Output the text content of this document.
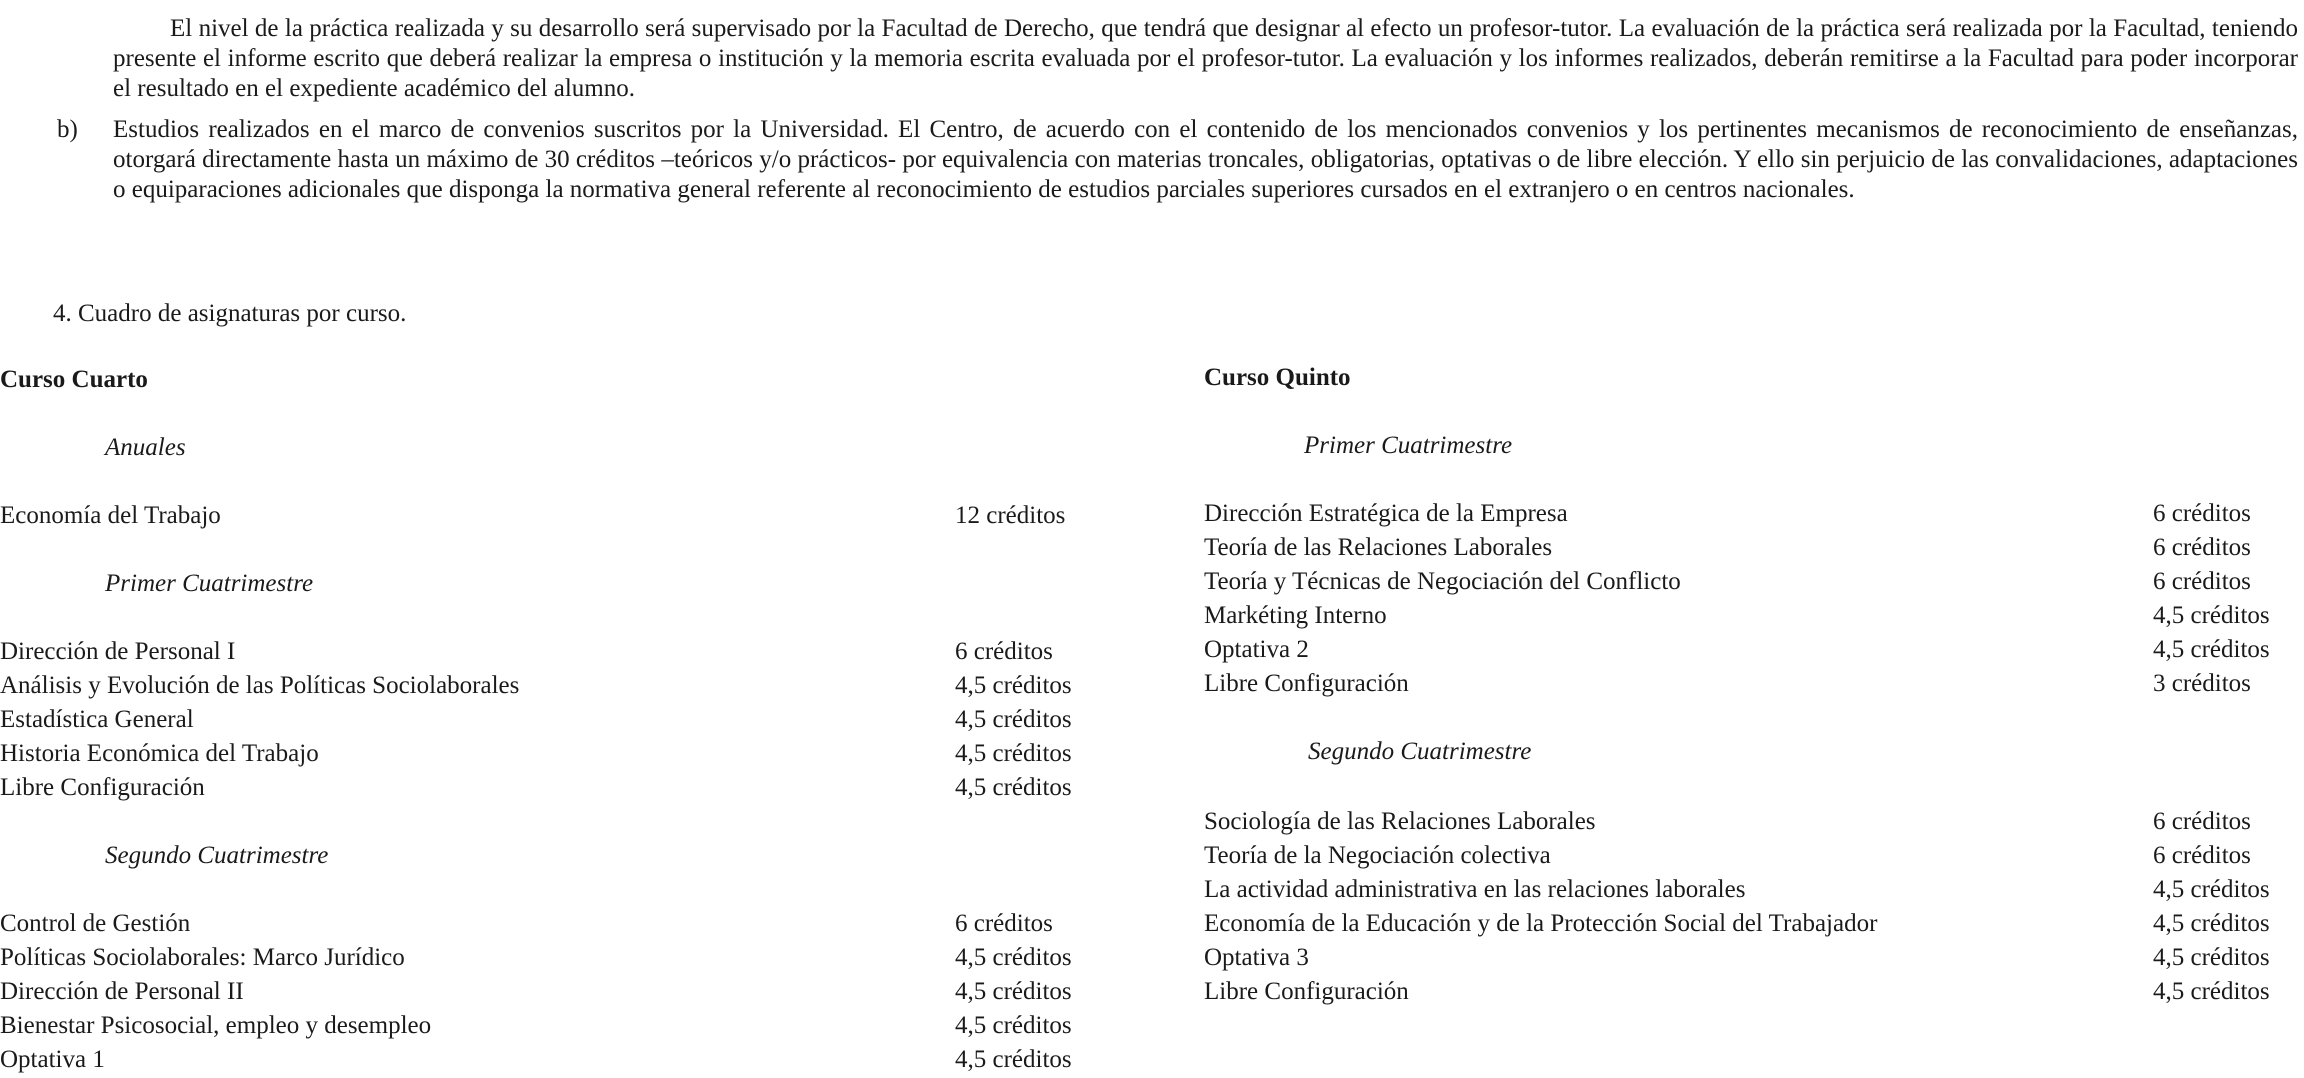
El nivel de la práctica realizada y su desarrollo será supervisado por la Facultad de Derecho, que tendrá que designar al efecto un profesor-tutor. La evaluación de la práctica será realizada por la Facultad, teniendo presente el informe escrito que deberá realizar la empresa o institución y la memoria escrita evaluada por el profesor-tutor. La evaluación y los informes realizados, deberán remitirse a la Facultad para poder incorporar el resultado en el expediente académico del alumno.

b) Estudios realizados en el marco de convenios suscritos por la Universidad. El Centro, de acuerdo con el contenido de los mencionados convenios y los pertinentes mecanismos de reconocimiento de enseñanzas, otorgará directamente hasta un máximo de 30 créditos –teóricos y/o prácticos- por equivalencia con materias troncales, obligatorias, optativas o de libre elección. Y ello sin perjuicio de las convalidaciones, adaptaciones o equiparaciones adicionales que disponga la normativa general referente al reconocimiento de estudios parciales superiores cursados en el extranjero o en centros nacionales.

4. Cuadro de asignaturas por curso.
Curso Cuarto
Anuales
Economía del Trabajo	12 créditos
Primer Cuatrimestre
Dirección de Personal I	6 créditos
Análisis y Evolución de las Políticas Sociolaborales	4,5 créditos
Estadística General	4,5 créditos
Historia Económica del Trabajo	4,5 créditos
Libre Configuración	4,5 créditos
Segundo Cuatrimestre
Control de Gestión	6 créditos
Políticas Sociolaborales: Marco Jurídico	4,5 créditos
Dirección de Personal II	4,5 créditos
Bienestar Psicosocial, empleo y desempleo	4,5 créditos
Optativa 1	4,5 créditos
Curso Quinto
Primer Cuatrimestre
Dirección Estratégica de la Empresa	6 créditos
Teoría de las Relaciones Laborales	6 créditos
Teoría y Técnicas de Negociación del Conflicto	6 créditos
Markéting Interno	4,5 créditos
Optativa 2	4,5 créditos
Libre Configuración	3 créditos
Segundo Cuatrimestre
Sociología de las Relaciones Laborales	6 créditos
Teoría de la Negociación colectiva	6 créditos
La actividad administrativa en las relaciones laborales	4,5 créditos
Economía de la Educación y de la Protección Social del Trabajador	4,5 créditos
Optativa 3	4,5 créditos
Libre Configuración	4,5 créditos
